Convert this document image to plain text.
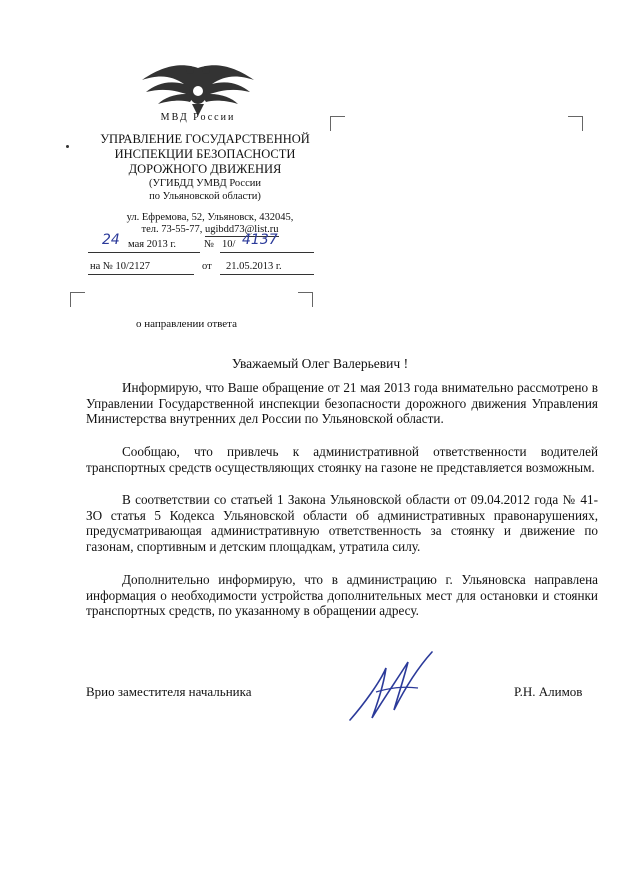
МВД России
УПРАВЛЕНИЕ ГОСУДАРСТВЕННОЙ
ИНСПЕКЦИИ БЕЗОПАСНОСТИ
ДОРОЖНОГО ДВИЖЕНИЯ
(УГИБДД УМВД России
по Ульяновской области)
ул. Ефремова, 52, Ульяновск, 432045,
тел. 73-55-77, ugibdd73@list.ru
24 мая 2013 г.	№ 10/ 4137
на № 10/2127	от 21.05.2013 г.
о направлении ответа
Уважаемый Олег Валерьевич !

Информирую, что Ваше обращение от 21 мая 2013 года внимательно рассмотрено в Управлении Государственной инспекции безопасности дорожного движения Управления Министерства внутренних дел России по Ульяновской области.

Сообщаю, что привлечь к административной ответственности водителей транспортных средств осуществляющих стоянку на газоне не представляется возможным.

В соответствии со статьей 1 Закона Ульяновской области от 09.04.2012 года № 41-ЗО статья 5 Кодекса Ульяновской области об административных правонарушениях, предусматривающая административную ответственность за стоянку и движение по газонам, спортивным и детским площадкам, утратила силу.

Дополнительно информирую, что в администрацию г. Ульяновска направлена информация о необходимости устройства дополнительных мест для остановки и стоянки транспортных средств, по указанному в обращении адресу.

Врио заместителя начальника	Р.Н. Алимов
